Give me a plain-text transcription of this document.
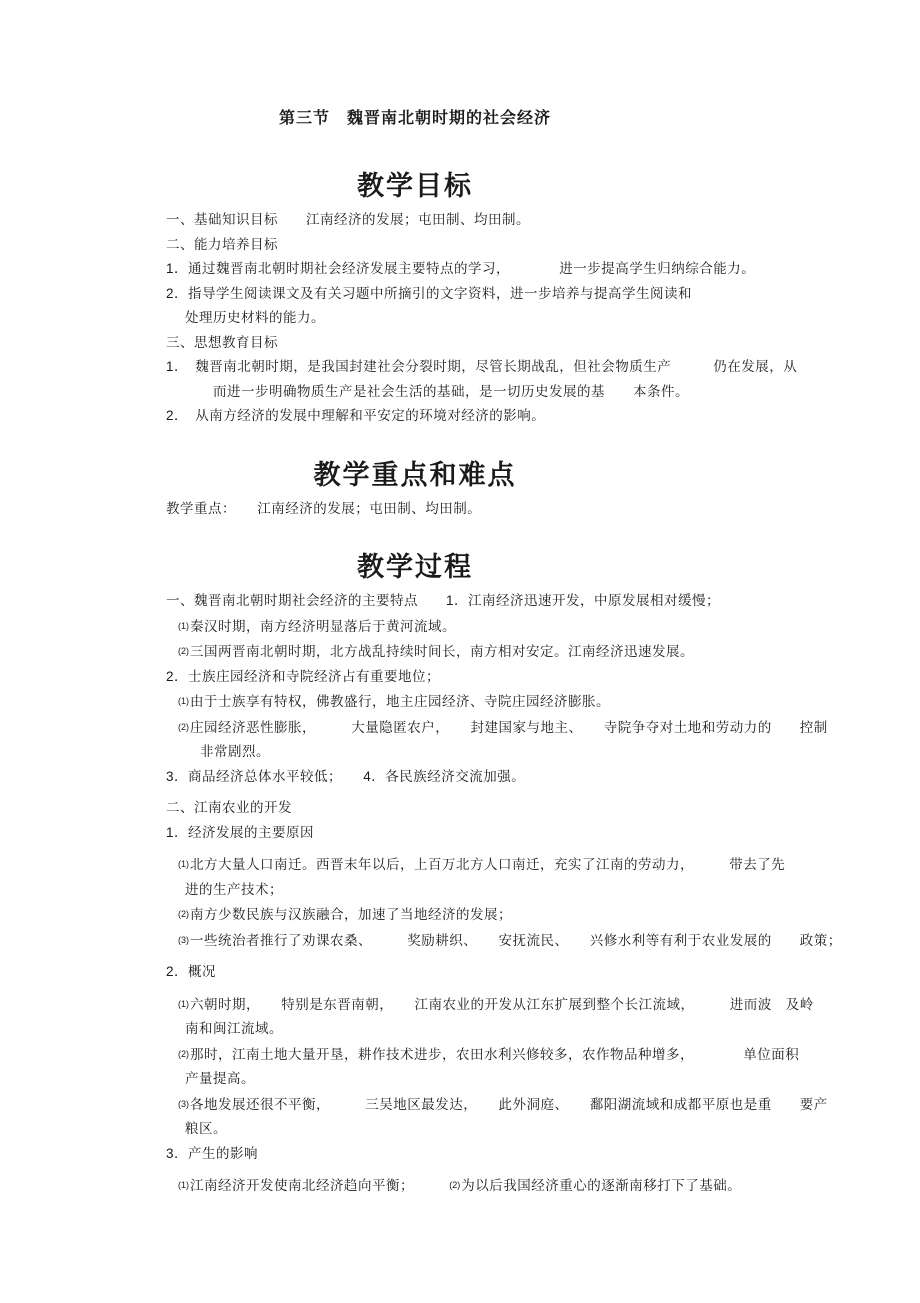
第三节　魏晋南北朝时期的社会经济
教学目标

一、基础知识目标　　江南经济的发展；屯田制、均田制。

二、能力培养目标

1．通过魏晋南北朝时期社会经济发展主要特点的学习，　　　　进一步提高学生归纳综合能力。

2．指导学生阅读课文及有关习题中所摘引的文字资料，进一步培养与提高学生阅读和

处理历史材料的能力。

三、思想教育目标

1．　魏晋南北朝时期，是我国封建社会分裂时期，尽管长期战乱，但社会物质生产　　　仍在发展，从

而进一步明确物质生产是社会生活的基础，是一切历史发展的基　　本条件。

2．　从南方经济的发展中理解和平安定的环境对经济的影响。

教学重点和难点

教学重点：　　江南经济的发展；屯田制、均田制。

教学过程

一、魏晋南北朝时期社会经济的主要特点　　1．江南经济迅速开发，中原发展相对缓慢；

(1)秦汉时期，南方经济明显落后于黄河流域。

(2)三国两晋南北朝时期，北方战乱持续时间长，南方相对安定。江南经济迅速发展。

2．士族庄园经济和寺院经济占有重要地位；

(1)由于士族享有特权，佛教盛行，地主庄园经济、寺院庄园经济膨胀。

(2)庄园经济恶性膨胀，　　　大量隐匿农户，　　封建国家与地主、　　寺院争夺对土地和劳动力的　　控制

非常剧烈。

3．商品经济总体水平较低；　　4．各民族经济交流加强。

二、江南农业的开发

1．经济发展的主要原因

(1)北方大量人口南迁。西晋末年以后，上百万北方人口南迁，充实了江南的劳动力，　　　带去了先

进的生产技术；

(2)南方少数民族与汉族融合，加速了当地经济的发展；

(3)一些统治者推行了劝课农桑、　　　奖励耕织、　　安抚流民、　　兴修水利等有利于农业发展的　　政策；

2．概况

(1)六朝时期，　　特别是东晋南朝，　　江南农业的开发从江东扩展到整个长江流域，　　　进而波　及岭

南和闽江流域。

(2)那时，江南土地大量开垦，耕作技术进步，农田水利兴修较多，农作物品种增多，　　　　单位面积

产量提高。

(3)各地发展还很不平衡，　　　三吴地区最发达，　　此外洞庭、　　鄱阳湖流域和成都平原也是重　　要产

粮区。

3．产生的影响

(1)江南经济开发使南北经济趋向平衡；　　　(2)为以后我国经济重心的逐渐南移打下了基础。
